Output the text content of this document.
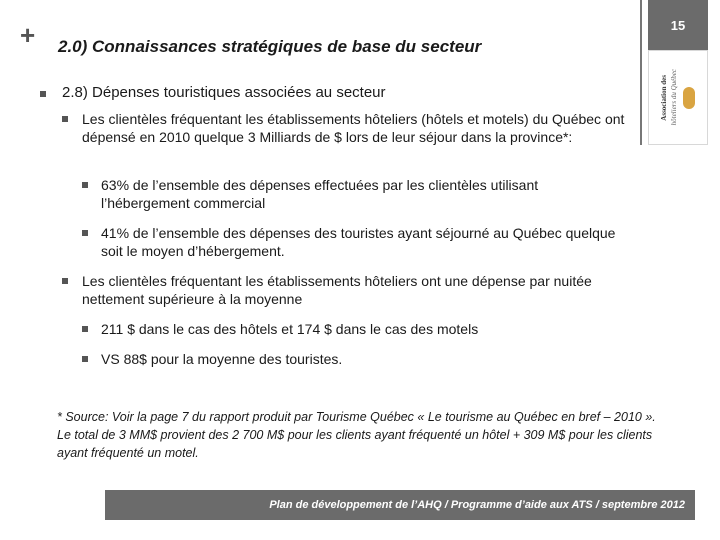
+ 2.0) Connaissances stratégiques de base du secteur
15
Association des hôteliers du Québec
2.8) Dépenses touristiques associées au secteur
Les clientèles fréquentant les établissements hôteliers (hôtels et motels) du Québec ont dépensé en 2010 quelque 3 Milliards de $ lors de leur séjour dans la province*:
63% de l’ensemble des dépenses effectuées par les clientèles utilisant l’hébergement commercial
41% de l’ensemble des dépenses des touristes ayant séjourné au Québec quelque soit le moyen d’hébergement.
Les clientèles fréquentant les établissements hôteliers ont une dépense par nuitée nettement supérieure à la moyenne
211 $ dans le cas des hôtels et 174 $ dans le cas des motels
VS 88$ pour la moyenne des touristes.
* Source: Voir la page 7 du rapport produit par Tourisme Québec « Le tourisme au Québec en bref – 2010 ». Le total de 3 MM$ provient des 2 700 M$ pour les clients ayant fréquenté un hôtel + 309 M$ pour les clients ayant fréquenté un motel.
Plan de développement de l’AHQ / Programme d’aide aux ATS / septembre 2012
